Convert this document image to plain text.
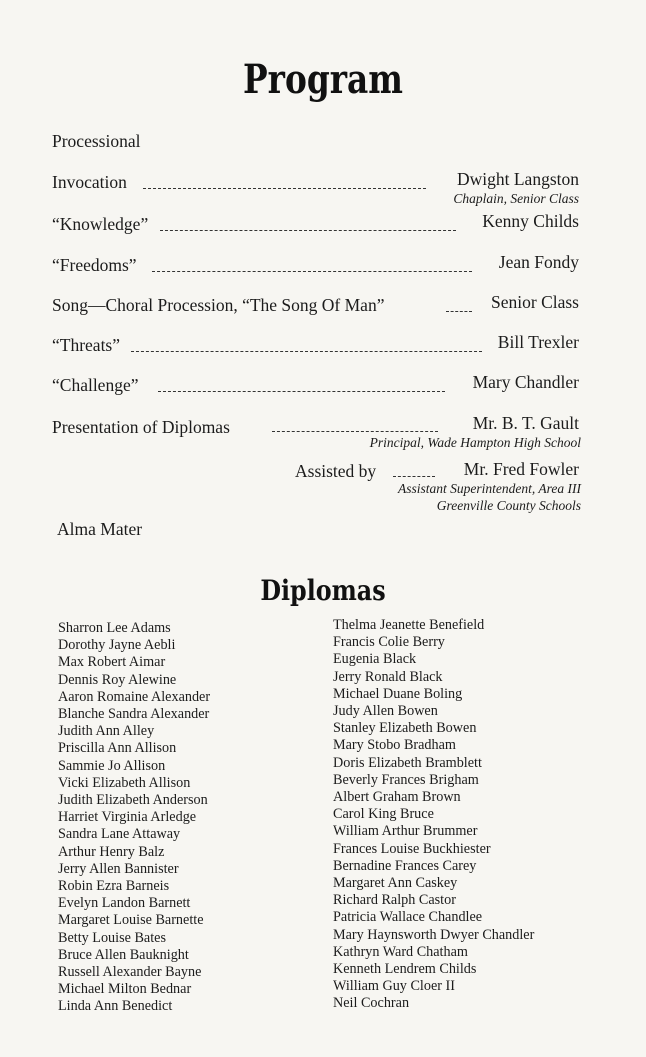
Program
Processional
Invocation	Dwight Langston
Chaplain, Senior Class
“Knowledge”	Kenny Childs
“Freedoms”	Jean Fondy
Song—Choral Procession, “The Song Of Man”	Senior Class
“Threats”	Bill Trexler
“Challenge”	Mary Chandler
Presentation of Diplomas	Mr. B. T. Gault
Principal, Wade Hampton High School
Assisted by	Mr. Fred Fowler
Assistant Superintendent, Area III
Greenville County Schools
Alma Mater
Diplomas
Sharron Lee Adams
Dorothy Jayne Aebli
Max Robert Aimar
Dennis Roy Alewine
Aaron Romaine Alexander
Blanche Sandra Alexander
Judith Ann Alley
Priscilla Ann Allison
Sammie Jo Allison
Vicki Elizabeth Allison
Judith Elizabeth Anderson
Harriet Virginia Arledge
Sandra Lane Attaway
Arthur Henry Balz
Jerry Allen Bannister
Robin Ezra Barneis
Evelyn Landon Barnett
Margaret Louise Barnette
Betty Louise Bates
Bruce Allen Bauknight
Russell Alexander Bayne
Michael Milton Bednar
Linda Ann Benedict
Thelma Jeanette Benefield
Francis Colie Berry
Eugenia Black
Jerry Ronald Black
Michael Duane Boling
Judy Allen Bowen
Stanley Elizabeth Bowen
Mary Stobo Bradham
Doris Elizabeth Bramblett
Beverly Frances Brigham
Albert Graham Brown
Carol King Bruce
William Arthur Brummer
Frances Louise Buckhiester
Bernadine Frances Carey
Margaret Ann Caskey
Richard Ralph Castor
Patricia Wallace Chandlee
Mary Haynsworth Dwyer Chandler
Kathryn Ward Chatham
Kenneth Lendrem Childs
William Guy Cloer II
Neil Cochran
